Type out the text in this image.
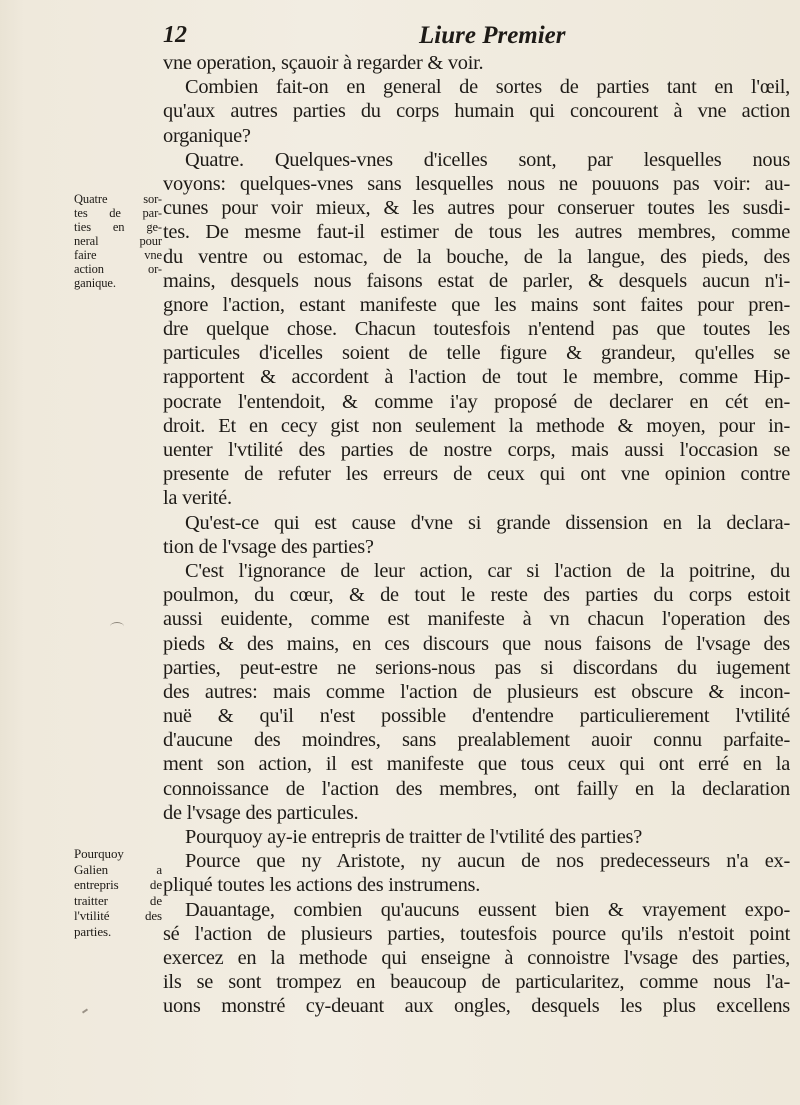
12	Liure Premier
Quatre sor-
tes de par-
ties en ge-
neral pour
faire vne
action or-
ganique.
Pourquoy
Galien a
entrepris de
traitter de
l'vtilité des
parties.
vne operation, sçauoir à regarder & voir.
Combien fait-on en general de sortes de parties tant en l'œil,
qu'aux autres parties du corps humain qui concourent à vne action
organique?
Quatre. Quelques-vnes d'icelles sont, par lesquelles nous
voyons: quelques-vnes sans lesquelles nous ne pouuons pas voir: au-
cunes pour voir mieux, & les autres pour conseruer toutes les susdi-
tes. De mesme faut-il estimer de tous les autres membres, comme
du ventre ou estomac, de la bouche, de la langue, des pieds, des
mains, desquels nous faisons estat de parler, & desquels aucun n'i-
gnore l'action, estant manifeste que les mains sont faites pour pren-
dre quelque chose. Chacun toutesfois n'entend pas que toutes les
particules d'icelles soient de telle figure & grandeur, qu'elles se
rapportent & accordent à l'action de tout le membre, comme Hip-
pocrate l'entendoit, & comme i'ay proposé de declarer en cét en-
droit. Et en cecy gist non seulement la methode & moyen, pour in-
uenter l'vtilité des parties de nostre corps, mais aussi l'occasion se
presente de refuter les erreurs de ceux qui ont vne opinion contre
la verité.
Qu'est-ce qui est cause d'vne si grande dissension en la declara-
tion de l'vsage des parties?
C'est l'ignorance de leur action, car si l'action de la poitrine, du
poulmon, du cœur, & de tout le reste des parties du corps estoit
aussi euidente, comme est manifeste à vn chacun l'operation des
pieds & des mains, en ces discours que nous faisons de l'vsage des
parties, peut-estre ne serions-nous pas si discordans du iugement
des autres: mais comme l'action de plusieurs est obscure & incon-
nuë & qu'il n'est possible d'entendre particulierement l'vtilité
d'aucune des moindres, sans prealablement auoir connu parfaite-
ment son action, il est manifeste que tous ceux qui ont erré en la
connoissance de l'action des membres, ont failly en la declaration
de l'vsage des particules.
Pourquoy ay-ie entrepris de traitter de l'vtilité des parties?
Pource que ny Aristote, ny aucun de nos predecesseurs n'a ex-
pliqué toutes les actions des instrumens.
Dauantage, combien qu'aucuns eussent bien & vrayement expo-
sé l'action de plusieurs parties, toutesfois pource qu'ils n'estoit point
exercez en la methode qui enseigne à connoistre l'vsage des parties,
ils se sont trompez en beaucoup de particularitez, comme nous l'a-
uons monstré cy-deuant aux ongles, desquels les plus excellens
